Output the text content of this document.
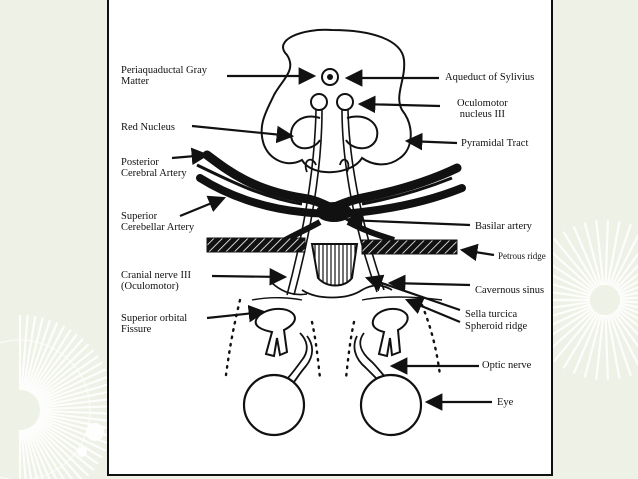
Periaquaductal Gray
Matter	Aqueduct of Sylivius
Oculomotor
nucleus III
Red Nucleus
Pyramidal Tract
Posterior
Cerebral Artery
Superior
Cerebellar Artery	Basilar artery
Petrous ridge
Cranial nerve III
(Oculomotor)	Cavernous sinus
Sella turcica
Spheroid ridge
Superior orbital
Fissure
Optic nerve
Eye
